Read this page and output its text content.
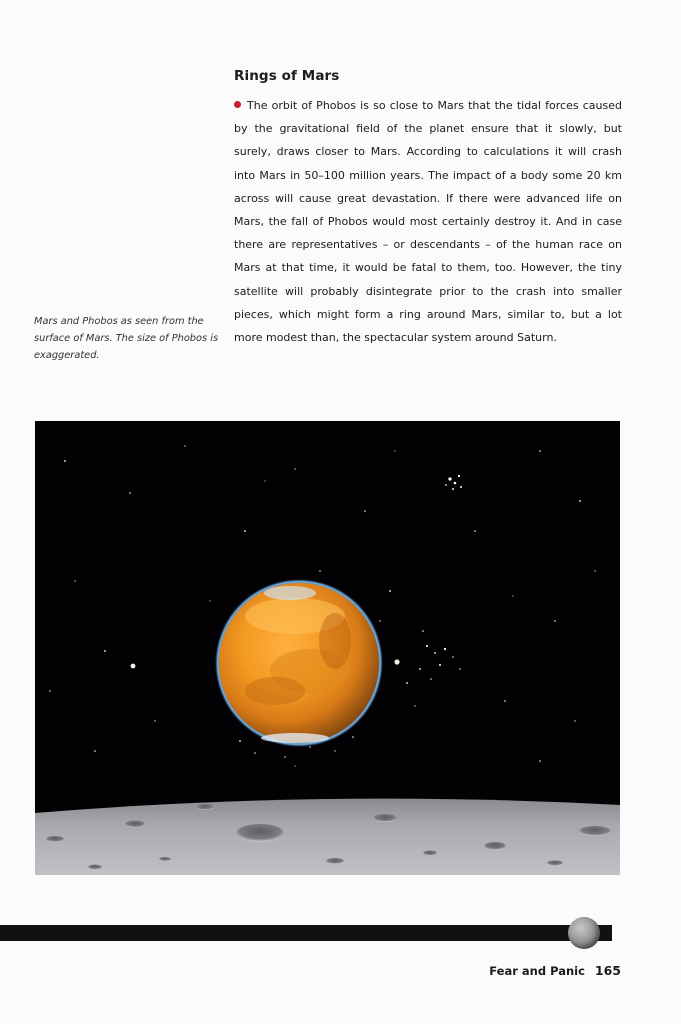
Rings of Mars

The orbit of Phobos is so close to Mars that the tidal forces caused by the gravitational field of the planet ensure that it slowly, but surely, draws closer to Mars. According to calculations it will crash into Mars in 50–100 million years. The impact of a body some 20 km across will cause great devastation. If there were advanced life on Mars, the fall of Phobos would most certainly destroy it. And in case there are representatives – or descendants – of the human race on Mars at that time, it would be fatal to them, too. However, the tiny satellite will probably disintegrate prior to the crash into smaller pieces, which might form a ring around Mars, similar to, but a lot more modest than, the spectacular system around Saturn.

Mars and Phobos as seen from the surface of Mars. The size of Phobos is exaggerated.

Fear and Panic 165
